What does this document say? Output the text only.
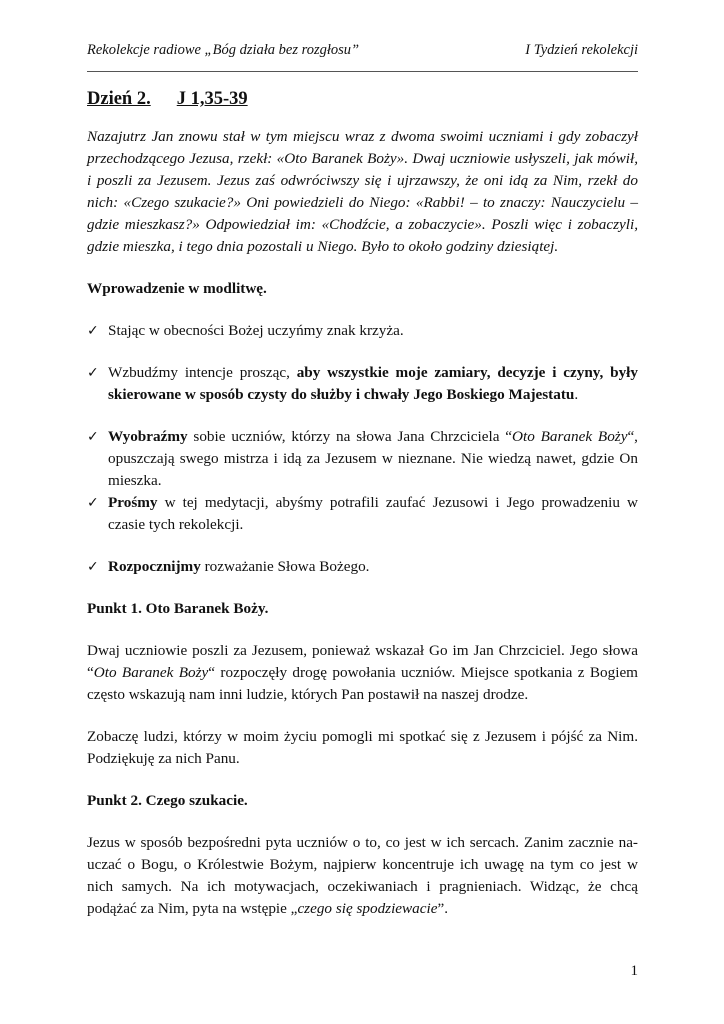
Rekolekcje radiowe „Bóg działa bez rozgłosu”	I Tydzień rekolekcji
Dzień 2. J 1,35-39

Nazajutrz Jan znowu stał w tym miejscu wraz z dwoma swoimi uczniami i gdy zobaczył przechodzącego Jezusa, rzekł: «Oto Baranek Boży». Dwaj uczniowie usłyszeli, jak mówił, i poszli za Jezusem. Jezus zaś odwróciwszy się i ujrzawszy, że oni idą za Nim, rzekł do nich: «Czego szukacie?» Oni powiedzieli do Niego: «Rabbi! – to znaczy: Nauczycielu – gdzie mieszkasz?» Odpowiedział im: «Chodźcie, a zobaczycie». Poszli więc i zobaczyli, gdzie mieszka, i tego dnia pozostali u Niego. Było to około godziny dziesiątej.

Wprowadzenie w modlitwę.

✓ Stając w obecności Bożej uczyńmy znak krzyża.
✓ Wzbudźmy intencje prosząc, aby wszystkie moje zamiary, decyzje i czyny, były skierowane w sposób czysty do służby i chwały Jego Boskiego Majestatu.
✓ Wyobraźmy sobie uczniów, którzy na słowa Jana Chrzciciela “Oto Baranek Boży“, opuszczają swego mistrza i idą za Jezusem w nieznane. Nie wiedzą nawet, gdzie On mieszka.
✓ Prośmy w tej medytacji, abyśmy potrafili zaufać Jezusowi i Jego prowadzeniu w czasie tych rekolekcji.
✓ Rozpocznijmy rozważanie Słowa Bożego.

Punkt 1. Oto Baranek Boży.

Dwaj uczniowie poszli za Jezusem, ponieważ wskazał Go im Jan Chrzciciel. Jego słowa “Oto Baranek Boży“ rozpoczęły drogę powołania uczniów. Miejsce spotkania z Bogiem często wskazują nam inni ludzie, których Pan postawił na naszej drodze.

Zobaczę ludzi, którzy w moim życiu pomogli mi spotkać się z Jezusem i pójść za Nim. Podziękuję za nich Panu.

Punkt 2. Czego szukacie.

Jezus w sposób bezpośredni pyta uczniów o to, co jest w ich sercach. Zanim zacznie na-uczać o Bogu, o Królestwie Bożym, najpierw koncentruje ich uwagę na tym co jest w nich samych. Na ich motywacjach, oczekiwaniach i pragnieniach. Widząc, że chcą podążać za Nim, pyta na wstępie „czego się spodziewacie”.

1
